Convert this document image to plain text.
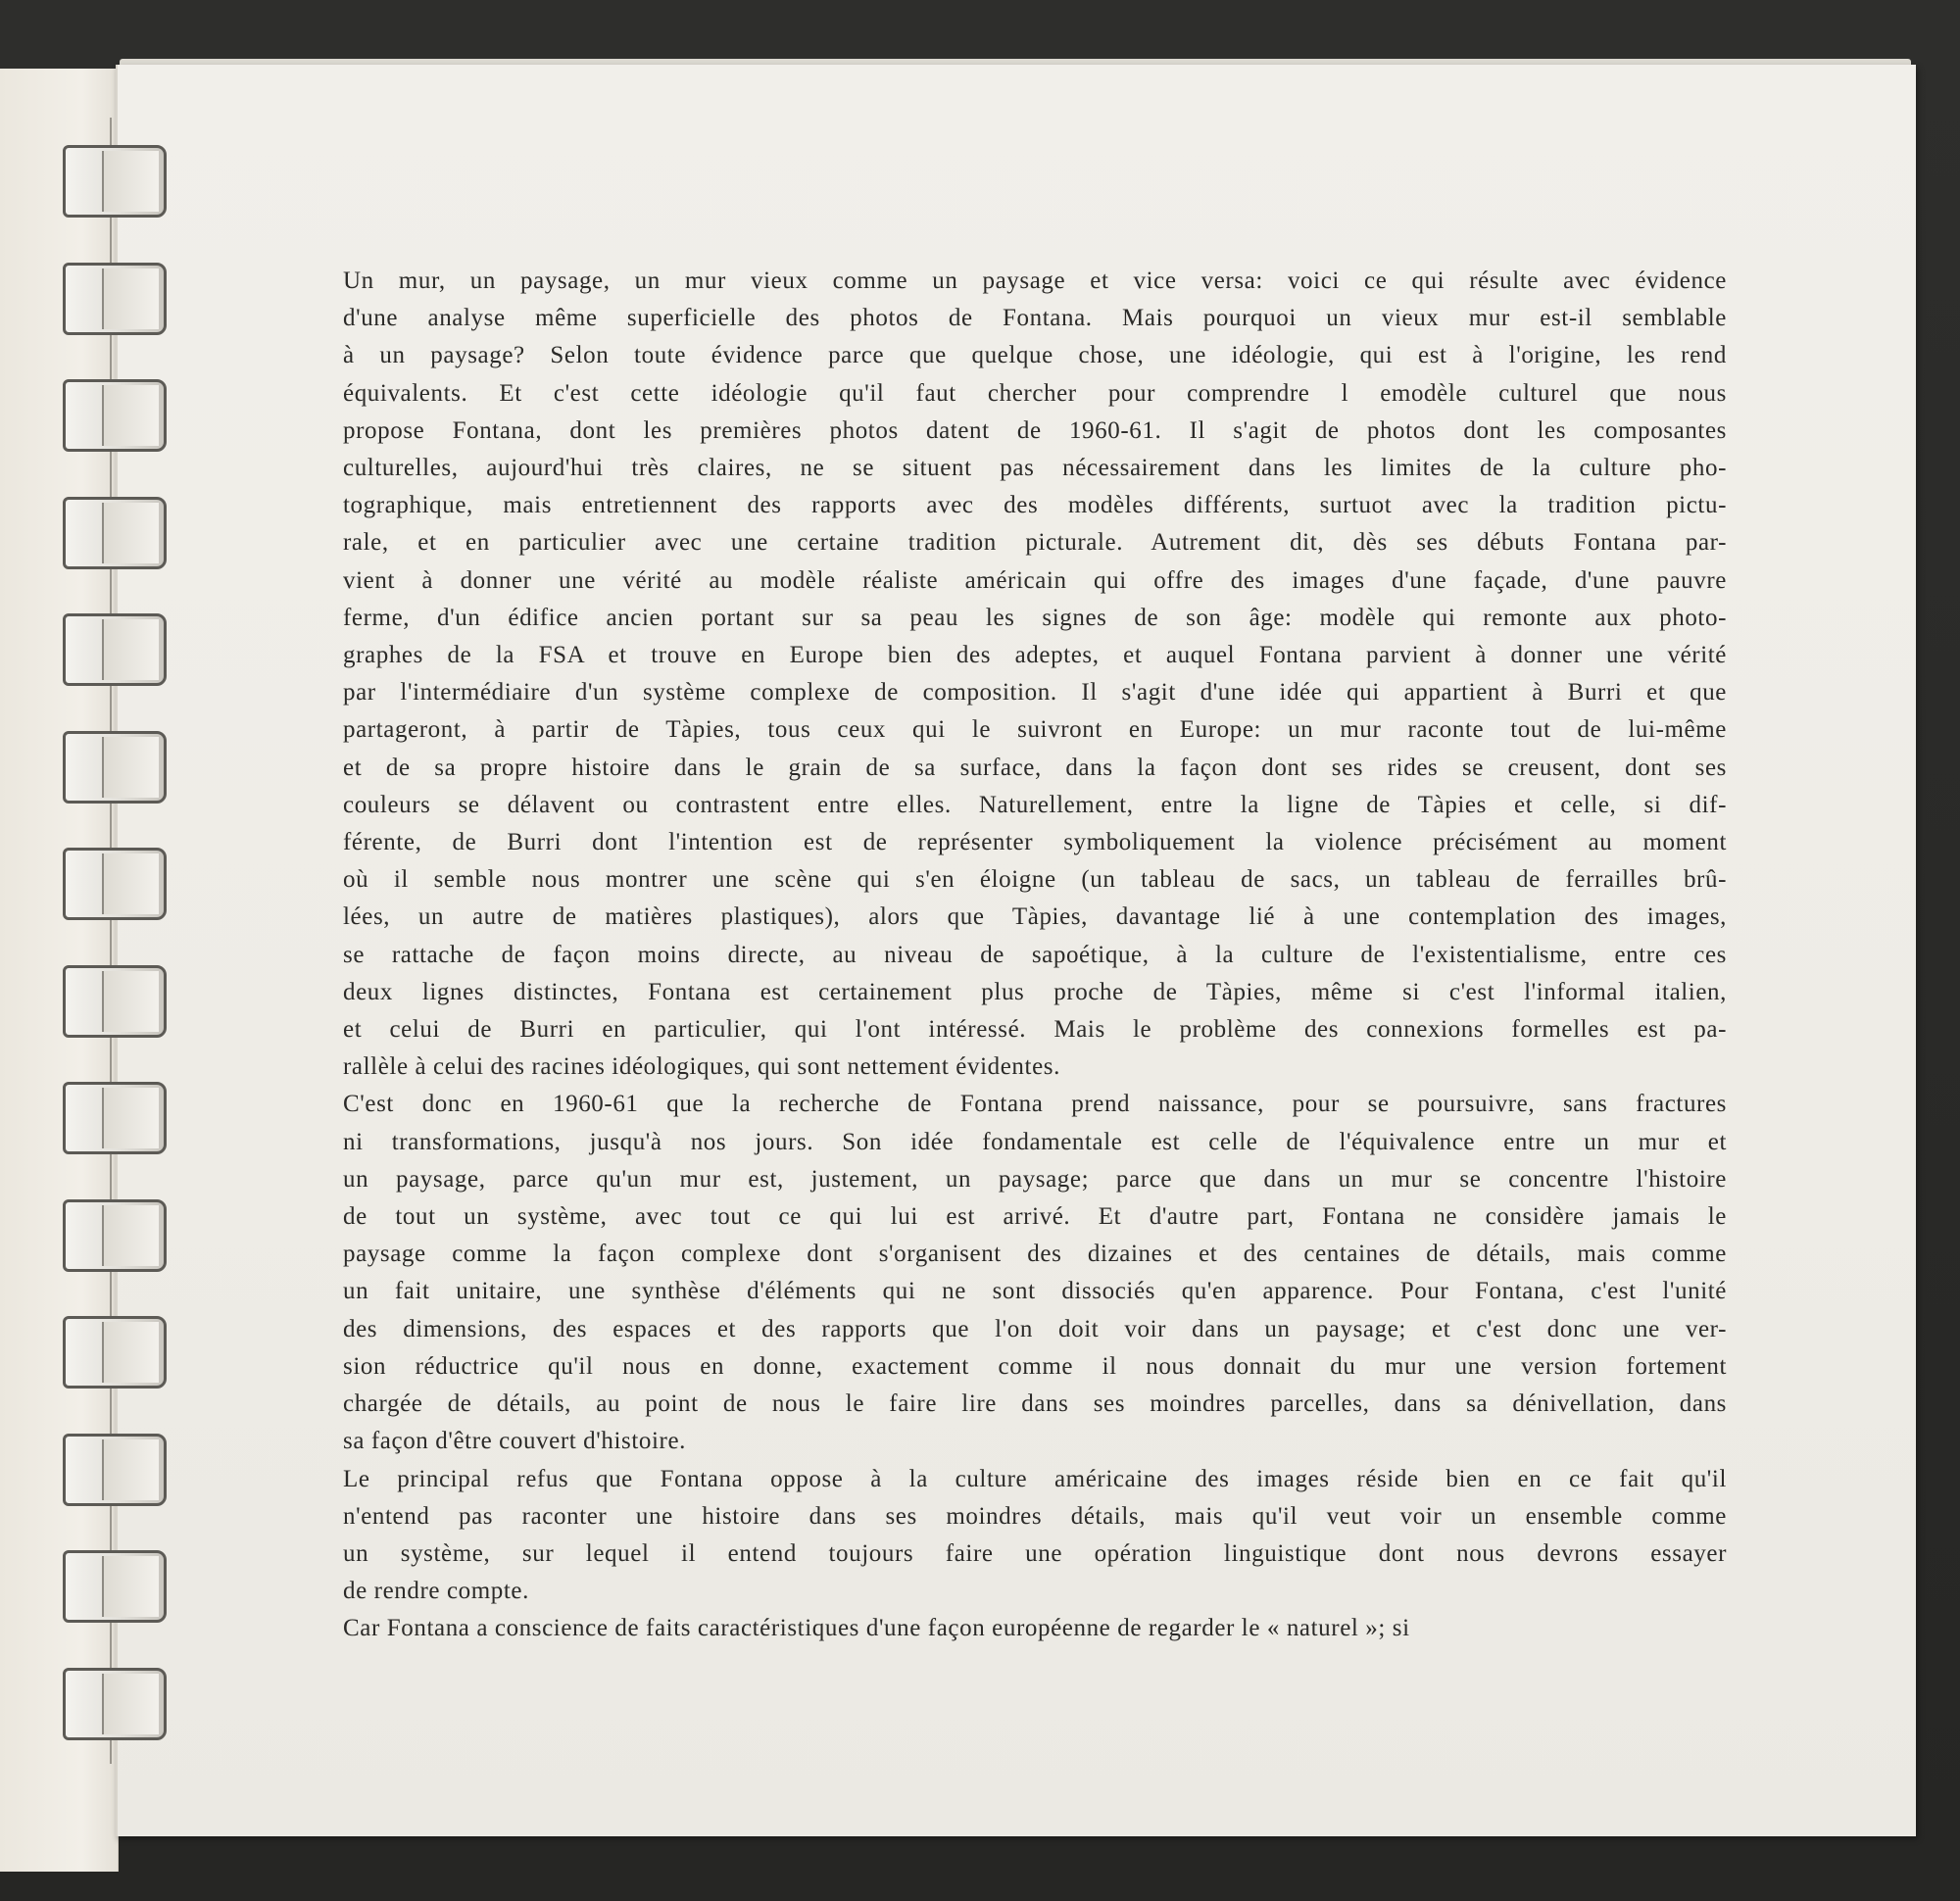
Un mur, un paysage, un mur vieux comme un paysage et vice versa: voici ce qui résulte avec évidence

d'une analyse même superficielle des photos de Fontana. Mais pourquoi un vieux mur est-il semblable

à un paysage? Selon toute évidence parce que quelque chose, une idéologie, qui est à l'origine, les rend

équivalents. Et c'est cette idéologie qu'il faut chercher pour comprendre l emodèle culturel que nous

propose Fontana, dont les premières photos datent de 1960-61. Il s'agit de photos dont les composantes

culturelles, aujourd'hui très claires, ne se situent pas nécessairement dans les limites de la culture pho-

tographique, mais entretiennent des rapports avec des modèles différents, surtuot avec la tradition pictu-

rale, et en particulier avec une certaine tradition picturale. Autrement dit, dès ses débuts Fontana par-

vient à donner une vérité au modèle réaliste américain qui offre des images d'une façade, d'une pauvre

ferme, d'un édifice ancien portant sur sa peau les signes de son âge: modèle qui remonte aux photo-

graphes de la FSA et trouve en Europe bien des adeptes, et auquel Fontana parvient à donner une vérité

par l'intermédiaire d'un système complexe de composition. Il s'agit d'une idée qui appartient à Burri et que

partageront, à partir de Tàpies, tous ceux qui le suivront en Europe: un mur raconte tout de lui-même

et de sa propre histoire dans le grain de sa surface, dans la façon dont ses rides se creusent, dont ses

couleurs se délavent ou contrastent entre elles. Naturellement, entre la ligne de Tàpies et celle, si dif-

férente, de Burri dont l'intention est de représenter symboliquement la violence précisément au moment

où il semble nous montrer une scène qui s'en éloigne (un tableau de sacs, un tableau de ferrailles brû-

lées, un autre de matières plastiques), alors que Tàpies, davantage lié à une contemplation des images,

se rattache de façon moins directe, au niveau de sapoétique, à la culture de l'existentialisme, entre ces

deux lignes distinctes, Fontana est certainement plus proche de Tàpies, même si c'est l'informal italien,

et celui de Burri en particulier, qui l'ont intéressé. Mais le problème des connexions formelles est pa-

rallèle à celui des racines idéologiques, qui sont nettement évidentes.

C'est donc en 1960-61 que la recherche de Fontana prend naissance, pour se poursuivre, sans fractures

ni transformations, jusqu'à nos jours. Son idée fondamentale est celle de l'équivalence entre un mur et

un paysage, parce qu'un mur est, justement, un paysage; parce que dans un mur se concentre l'histoire

de tout un système, avec tout ce qui lui est arrivé. Et d'autre part, Fontana ne considère jamais le

paysage comme la façon complexe dont s'organisent des dizaines et des centaines de détails, mais comme

un fait unitaire, une synthèse d'éléments qui ne sont dissociés qu'en apparence. Pour Fontana, c'est l'unité

des dimensions, des espaces et des rapports que l'on doit voir dans un paysage; et c'est donc une ver-

sion réductrice qu'il nous en donne, exactement comme il nous donnait du mur une version fortement

chargée de détails, au point de nous le faire lire dans ses moindres parcelles, dans sa dénivellation, dans

sa façon d'être couvert d'histoire.

Le principal refus que Fontana oppose à la culture américaine des images réside bien en ce fait qu'il

n'entend pas raconter une histoire dans ses moindres détails, mais qu'il veut voir un ensemble comme

un système, sur lequel il entend toujours faire une opération linguistique dont nous devrons essayer

de rendre compte.

Car Fontana a conscience de faits caractéristiques d'une façon européenne de regarder le « naturel »; si
